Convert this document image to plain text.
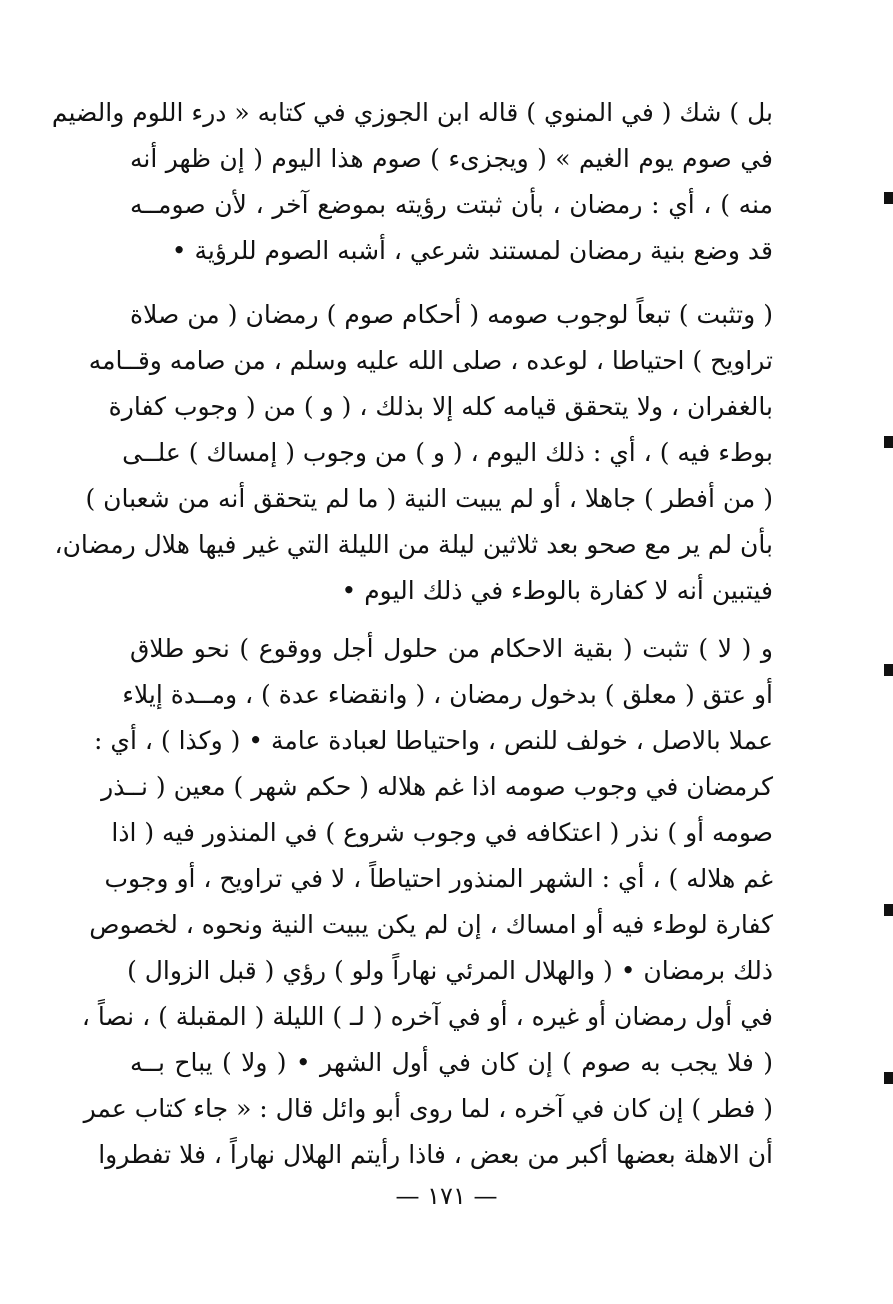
بل ) شك ( في المنوي ) قاله ابن الجوزي في كتابه « درء اللوم والضيم
في صوم يوم الغيم » ( ويجزىء ) صوم هذا اليوم ( إن ظهر أنه
منه ) ، أي : رمضان ، بأن ثبتت رؤيته بموضع آخر ، لأن صومــه
قد وضع بنية رمضان لمستند شرعي ، أشبه الصوم للرؤية •
( وتثبت ) تبعاً لوجوب صومه ( أحكام صوم ) رمضان ( من صلاة
تراويح ) احتياطا ، لوعده ، صلى الله عليه وسلم ، من صامه وقــامه
بالغفران ، ولا يتحقق قيامه كله إلا بذلك ، ( و ) من ( وجوب كفارة
بوطء فيه ) ، أي : ذلك اليوم ، ( و ) من وجوب ( إمساك ) علــى
( من أفطر ) جاهلا ، أو لم يبيت النية ( ما لم يتحقق أنه من شعبان )
بأن لم ير مع صحو بعد ثلاثين ليلة من الليلة التي غير فيها هلال رمضان،
فيتبين أنه لا كفارة بالوطء في ذلك اليوم •
و ( لا ) تثبت ( بقية الاحكام من حلول أجل ووقوع ) نحو طلاق
أو عتق ( معلق ) بدخول رمضان ، ( وانقضاء عدة ) ، ومــدة إيلاء
عملا بالاصل ، خولف للنص ، واحتياطا لعبادة عامة • ( وكذا ) ، أي :
كرمضان في وجوب صومه اذا غم هلاله ( حكم شهر ) معين ( نــذر
صومه أو ) نذر ( اعتكافه في وجوب شروع ) في المنذور فيه ( اذا
غم هلاله ) ، أي : الشهر المنذور احتياطاً ، لا في تراويح ، أو وجوب
كفارة لوطء فيه أو امساك ، إن لم يكن يبيت النية ونحوه ، لخصوص
ذلك برمضان • ( والهلال المرئي نهاراً ولو ) رؤي ( قبل الزوال )
في أول رمضان أو غيره ، أو في آخره ( لـ ) الليلة ( المقبلة ) ، نصاً ،
( فلا يجب به صوم ) إن كان في أول الشهر • ( ولا ) يباح بــه
( فطر ) إن كان في آخره ، لما روى أبو وائل قال : « جاء كتاب عمر
أن الاهلة بعضها أكبر من بعض ، فاذا رأيتم الهلال نهاراً ، فلا تفطروا
— ١٧١ —
